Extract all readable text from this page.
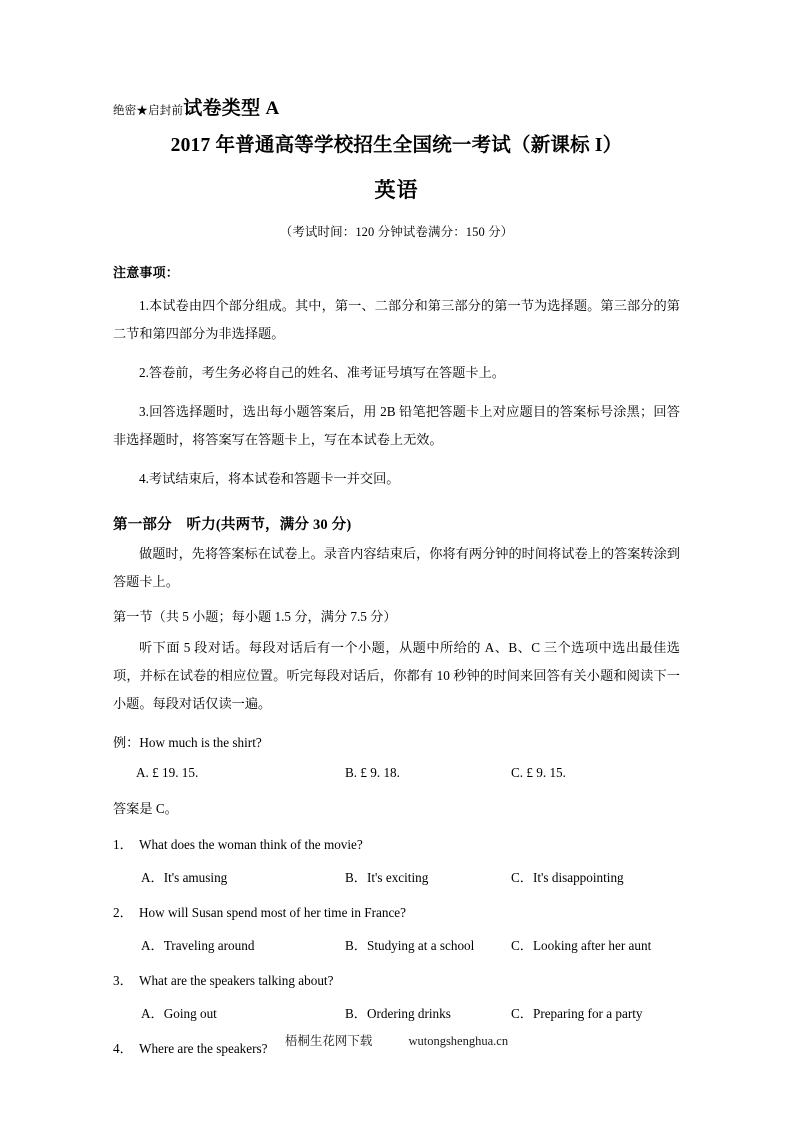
绝密★启封前试卷类型 A
2017 年普通高等学校招生全国统一考试（新课标 I）
英语
（考试时间：120 分钟试卷满分：150 分）
注意事项：
1.本试卷由四个部分组成。其中，第一、二部分和第三部分的第一节为选择题。第三部分的第二节和第四部分为非选择题。
2.答卷前，考生务必将自己的姓名、准考证号填写在答题卡上。
3.回答选择题时，选出每小题答案后，用 2B 铅笔把答题卡上对应题目的答案标号涂黑；回答非选择题时，将答案写在答题卡上，写在本试卷上无效。
4.考试结束后，将本试卷和答题卡一并交回。
第一部分　听力(共两节，满分 30 分)
做题时，先将答案标在试卷上。录音内容结束后，你将有两分钟的时间将试卷上的答案转涂到答题卡上。
第一节（共 5 小题；每小题 1.5 分，满分 7.5 分）
听下面 5 段对话。每段对话后有一个小题，从题中所给的 A、B、C 三个选项中选出最佳选项，并标在试卷的相应位置。听完每段对话后，你都有 10 秒钟的时间来回答有关小题和阅读下一小题。每段对话仅读一遍。
例：How much is the shirt?
A. £ 19. 15.	B. £ 9. 18.	C. £ 9. 15.
答案是 C。
1． What does the woman think of the movie?
A．It's amusing	B．It's exciting	C．It's disappointing
2． How will Susan spend most of her time in France?
A．Traveling around	B．Studying at a school	C．Looking after her aunt
3． What are the speakers talking about?
A．Going out	B．Ordering drinks	C．Preparing for a party
4． Where are the speakers?	梧桐生花网下载	wutongshenghua.cn
